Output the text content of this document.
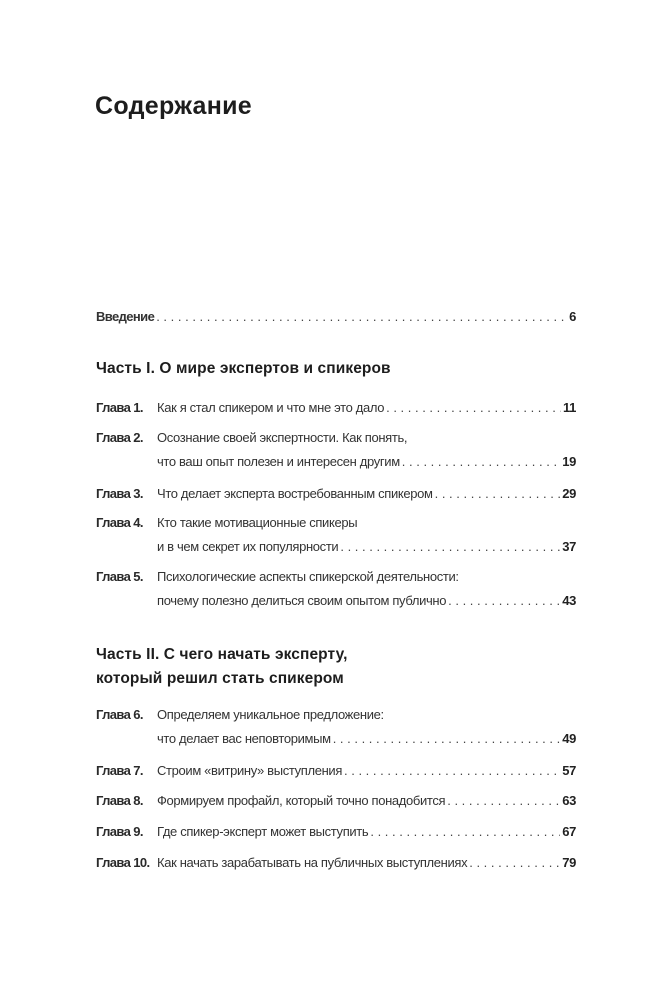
Содержание
Введение . . .	6
Часть I. О мире экспертов и спикеров
Глава 1.	Как я стал спикером и что мне это дало . . .	11
Глава 2.	Осознание своей экспертности. Как понять,
что ваш опыт полезен и интересен другим . . .	19
Глава 3.	Что делает эксперта востребованным спикером . . .	29
Глава 4.	Кто такие мотивационные спикеры
и в чем секрет их популярности . . .	37
Глава 5.	Психологические аспекты спикерской деятельности:
почему полезно делиться своим опытом публично . . .	43
Часть II. С чего начать эксперту,
который решил стать спикером
Глава 6.	Определяем уникальное предложение:
что делает вас неповторимым . . .	49
Глава 7.	Строим «витрину» выступления . . .	57
Глава 8.	Формируем профайл, который точно понадобится . . .	63
Глава 9.	Где спикер-эксперт может выступить . . .	67
Глава 10. Как начать зарабатывать на публичных выступлениях . . .	79
